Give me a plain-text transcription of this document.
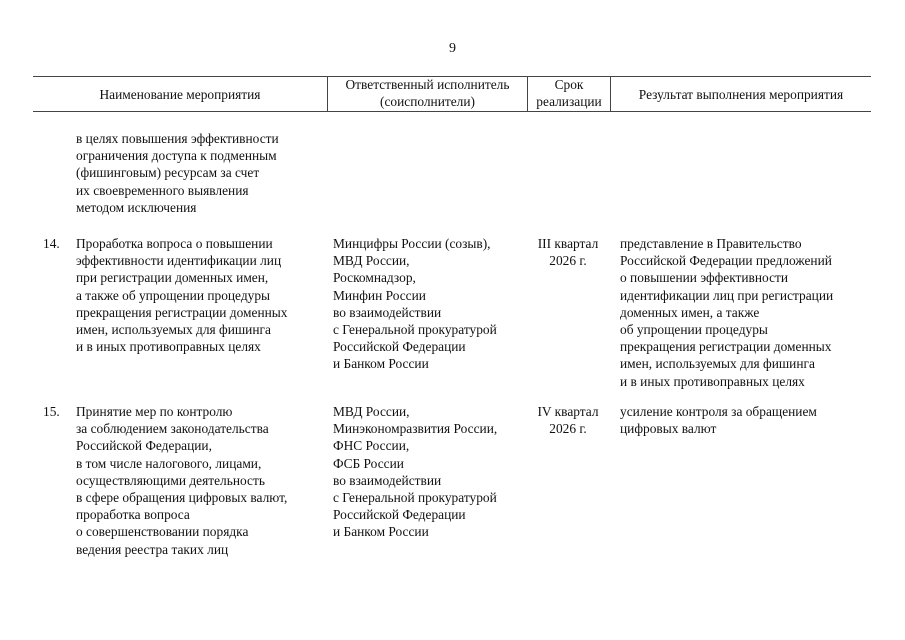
9
Наименование мероприятия
Ответственный исполнитель
(соисполнители)
Срок
реализации	Результат выполнения мероприятия
в целях повышения эффективности
ограничения доступа к подменным
(фишинговым) ресурсам за счет
их своевременного выявления
методом исключения
14. Проработка вопроса о повышении
эффективности идентификации лиц
при регистрации доменных имен,
а также об упрощении процедуры
прекращения регистрации доменных
имен, используемых для фишинга
и в иных противоправных целях
Минцифры России (созыв),
МВД России,
Роскомнадзор,
Минфин России
во взаимодействии
с Генеральной прокуратурой
Российской Федерации
и Банком России
III квартал
2026 г.
представление в Правительство
Российской Федерации предложений
о повышении эффективности
идентификации лиц при регистрации
доменных имен, а также
об упрощении процедуры
прекращения регистрации доменных
имен, используемых для фишинга
и в иных противоправных целях
15. Принятие мер по контролю
за соблюдением законодательства
Российской Федерации,
в том числе налогового, лицами,
осуществляющими деятельность
в сфере обращения цифровых валют,
проработка вопроса
о совершенствовании порядка
ведения реестра таких лиц
МВД России,
Минэкономразвития России,
ФНС России,
ФСБ России
во взаимодействии
с Генеральной прокуратурой
Российской Федерации
и Банком России
IV квартал
2026 г.
усиление контроля за обращением
цифровых валют
